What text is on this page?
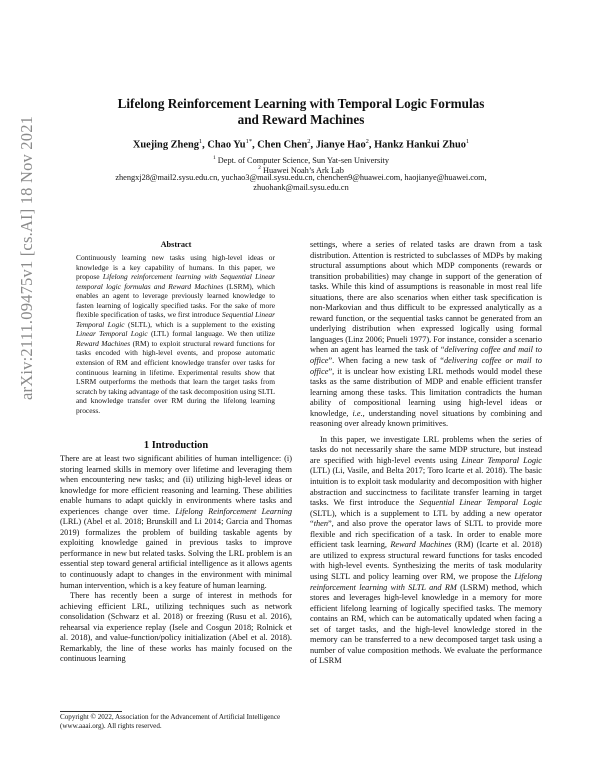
arXiv:2111.09475v1 [cs.AI] 18 Nov 2021
Lifelong Reinforcement Learning with Temporal Logic Formulas
and Reward Machines
Xuejing Zheng$^1$, Chao $Yu^{1*}$, Chen Chen$^2$, Jianye Hao$^2$, Hankz Hankui Zhuo$^1$
$^1$ Dept. of Computer Science, Sun Yat-sen University
$^2$ Huawei Noah’s Ark Lab
zhengxj28@mail2.sysu.edu.cn, yuchao3@mail.sysu.edu.cn, chenchen9@huawei.com, haojianye@huawei.com,
zhuohank@mail.sysu.edu.cn
Abstract
Continuously learning new tasks using high-level ideas or knowledge is a key capability of humans. In this paper, we propose Lifelong reinforcement learning with Sequential Linear temporal logic formulas and Reward Machines (LSRM), which enables an agent to leverage previously learned knowledge to fasten learning of logically specified tasks. For the sake of more flexible specification of tasks, we first introduce Sequential Linear Temporal Logic (SLTL), which is a supplement to the existing Linear Temporal Logic (LTL) formal language. We then utilize Reward Machines (RM) to exploit structural reward functions for tasks encoded with high-level events, and propose automatic extension of RM and efficient knowledge transfer over tasks for continuous learning in lifetime. Experimental results show that LSRM outperforms the methods that learn the target tasks from scratch by taking advantage of the task decomposition using SLTL and knowledge transfer over RM during the lifelong learning process.
1 Introduction

There are at least two significant abilities of human intelligence: (i) storing learned skills in memory over lifetime and leveraging them when encountering new tasks; and (ii) utilizing high-level ideas or knowledge for more efficient reasoning and learning. These abilities enable humans to adapt quickly in environments where tasks and experiences change over time. Lifelong Reinforcement Learning (LRL) (Abel et al. 2018; Brunskill and Li 2014; Garcia and Thomas 2019) formalizes the problem of building taskable agents by exploiting knowledge gained in previous tasks to improve performance in new but related tasks. Solving the LRL problem is an essential step toward general artificial intelligence as it allows agents to continuously adapt to changes in the environment with minimal human intervention, which is a key feature of human learning.

There has recently been a surge of interest in methods for achieving efficient LRL, utilizing techniques such as network consolidation (Schwarz et al. 2018) or freezing (Rusu et al. 2016), rehearsal via experience replay (Isele and Cosgun 2018; Rolnick et al. 2018), and value-function/policy initialization (Abel et al. 2018). Remarkably, the line of these works has mainly focused on the continuous learning

Copyright © 2022, Association for the Advancement of Artificial Intelligence (www.aaai.org). All rights reserved.

settings, where a series of related tasks are drawn from a task distribution. Attention is restricted to subclasses of MDPs by making structural assumptions about which MDP components (rewards or transition probabilities) may change in support of the generation of tasks. While this kind of assumptions is reasonable in most real life situations, there are also scenarios when either task specification is non-Markovian and thus difficult to be expressed analytically as a reward function, or the sequential tasks cannot be generated from an underlying distribution when expressed logically using formal languages (Linz 2006; Pnueli 1977). For instance, consider a scenario when an agent has learned the task of “delivering coffee and mail to office”. When facing a new task of “delivering coffee or mail to office”, it is unclear how existing LRL methods would model these tasks as the same distribution of MDP and enable efficient transfer learning among these tasks. This limitation contradicts the human ability of compositional learning using high-level ideas or knowledge, i.e., understanding novel situations by combining and reasoning over already known primitives.

In this paper, we investigate LRL problems when the series of tasks do not necessarily share the same MDP structure, but instead are specified with high-level events using Linear Temporal Logic (LTL) (Li, Vasile, and Belta 2017; Toro Icarte et al. 2018). The basic intuition is to exploit task modularity and decomposition with higher abstraction and succinctness to facilitate transfer learning in target tasks. We first introduce the Sequential Linear Temporal Logic (SLTL), which is a supplement to LTL by adding a new operator “then”, and also prove the operator laws of SLTL to provide more flexible and rich specification of a task. In order to enable more efficient task learning, Reward Machines (RM) (Icarte et al. 2018) are utilized to express structural reward functions for tasks encoded with high-level events. Synthesizing the merits of task modularity using SLTL and policy learning over RM, we propose the Lifelong reinforcement learning with SLTL and RM (LSRM) method, which stores and leverages high-level knowledge in a memory for more efficient lifelong learning of logically specified tasks. The memory contains an RM, which can be automatically updated when facing a set of target tasks, and the high-level knowledge stored in the memory can be transferred to a new decomposed target task using a number of value composition methods. We evaluate the performance of LSRM
